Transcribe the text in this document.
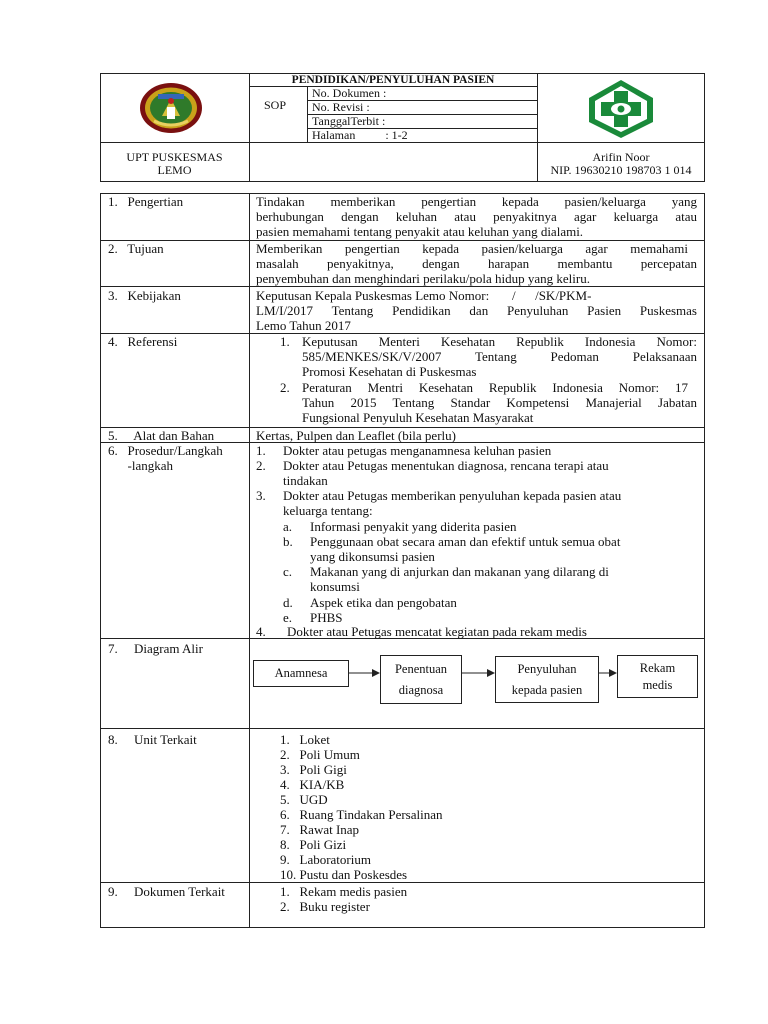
PENDIDIKAN/PENYULUHAN PASIEN
SOP
No. Dokumen :
No. Revisi :
TanggalTerbit :
Halaman          : 1-2
UPT PUSKESMAS
LEMO
Arifin Noor
NIP. 19630210 198703 1 014
1.   Pengertian	Tindakan memberikan pengertian kepada pasien/keluarga yang
berhubungan dengan keluhan atau penyakitnya agar keluarga atau
pasien memahami tentang penyakit atau keluhan yang dialami.
2.   Tujuan	Memberikan pengertian kepada pasien/keluarga agar memahami
masalah penyakitnya, dengan harapan membantu percepatan
penyembuhan dan menghindari perilaku/pola hidup yang keliru.
3.   Kebijakan	Keputusan Kepala Puskesmas Lemo Nomor:       /      /SK/PKM-
LM/I/2017 Tentang Pendidikan dan Penyuluhan Pasien Puskesmas
Lemo Tahun 2017
4.   Referensi	1. Keputusan Menteri Kesehatan Republik Indonesia Nomor:
585/MENKES/SK/V/2007 Tentang Pedoman Pelaksanaan
Promosi Kesehatan di Puskesmas
2. Peraturan Mentri Kesehatan Republik Indonesia Nomor: 17
Tahun 2015 Tentang Standar Kompetensi Manajerial Jabatan
Fungsional Penyuluh Kesehatan Masyarakat
5.     Alat dan Bahan	Kertas, Pulpen dan Leaflet (bila perlu)
6.   Prosedur/Langkah
-langkah
1. Dokter atau petugas menganamnesa keluhan pasien
2. Dokter atau Petugas menentukan diagnosa, rencana terapi atau
tindakan
3. Dokter atau Petugas memberikan penyuluhan kepada pasien atau
keluarga tentang:
a. Informasi penyakit yang diderita pasien
b. Penggunaan obat secara aman dan efektif untuk semua obat
yang dikonsumsi pasien
c. Makanan yang di anjurkan dan makanan yang dilarang di
konsumsi
d. Aspek etika dan pengobatan
e. PHBS
4. Dokter atau Petugas mencatat kegiatan pada rekam medis
7.     Diagram Alir
Anamnesa	Penentuan
diagnosa
Penyuluhan
kepada pasien
Rekam
medis
8.     Unit Terkait	1.   Loket
2.   Poli Umum
3.   Poli Gigi
4.   KIA/KB
5.   UGD
6.   Ruang Tindakan Persalinan
7.   Rawat Inap
8.   Poli Gizi
9.   Laboratorium
10. Pustu dan Poskesdes
9.     Dokumen Terkait	1.   Rekam medis pasien
2.   Buku register
